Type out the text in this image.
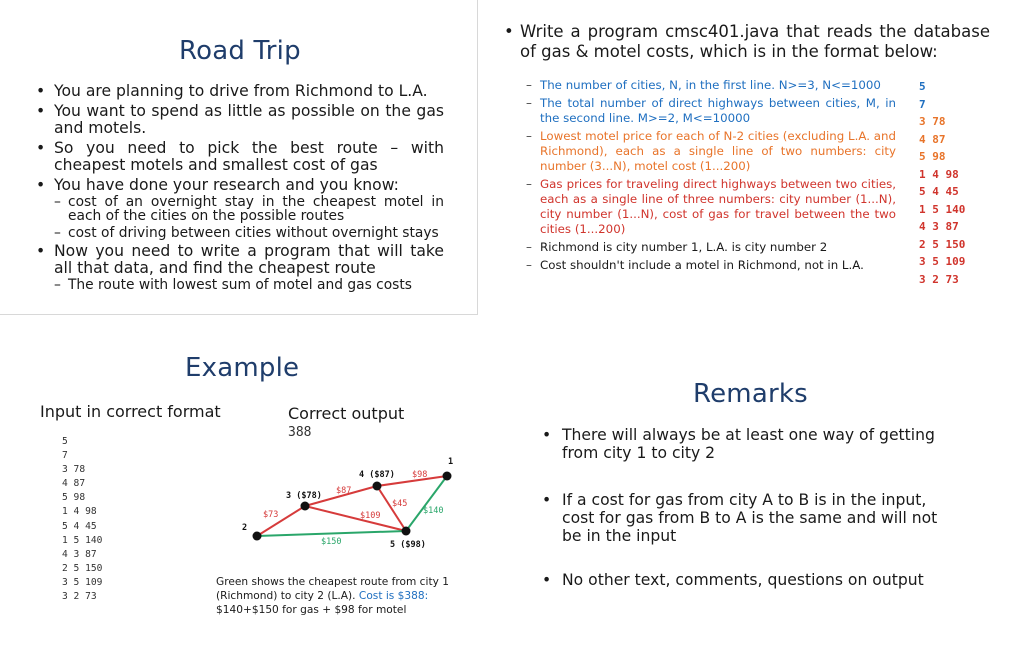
Road Trip
• You are planning to drive from Richmond to L.A.
• You want to spend as little as possible on the gas and motels.
• So you need to pick the best route – with cheapest motels and smallest cost of gas
• You have done your research and you know:
– cost of an overnight stay in the cheapest motel in each of the cities on the possible routes
– cost of driving between cities without overnight stays
• Now you need to write a program that will take all that data, and find the cheapest route
– The route with lowest sum of motel and gas costs
• Write a program cmsc401.java that reads the database of gas & motel costs, which is in the format below:
– The number of cities, N, in the first line. N>=3, N<=1000
– The total number of direct highways between cities, M, in the second line. M>=2, M<=10000
– Lowest motel price for each of N-2 cities (excluding L.A. and Richmond), each as a single line of two numbers: city number (3...N), motel cost (1...200)
– Gas prices for traveling direct highways between two cities, each as a single line of three numbers: city number (1...N), city number (1...N), cost of gas for travel between the two cities (1...200)
– Richmond is city number 1, L.A. is city number 2
– Cost shouldn't include a motel in Richmond, not in L.A.
5
7
3 78
4 87
5 98
1 4 98
5 4 45
1 5 140
4 3 87
2 5 150
3 5 109
3 2 73
Example
Input in correct format	Correct output
388
5
7
3 78
4 87
5 98
1 4 98
5 4 45
1 5 140
4 3 87
2 5 150
3 5 109
3 2 73
1
2
3 ($78)
4 ($87)
5 ($98)
$98
$87
$73	$109
$45
$140
$150
Green shows the cheapest route from city 1 (Richmond) to city 2 (L.A). Cost is $388:
$140+$150 for gas + $98 for motel
Remarks
• There will always be at least one way of getting from city 1 to city 2
• If a cost for gas from city A to B is in the input, cost for gas from B to A is the same and will not be in the input
• No other text, comments, questions on output
